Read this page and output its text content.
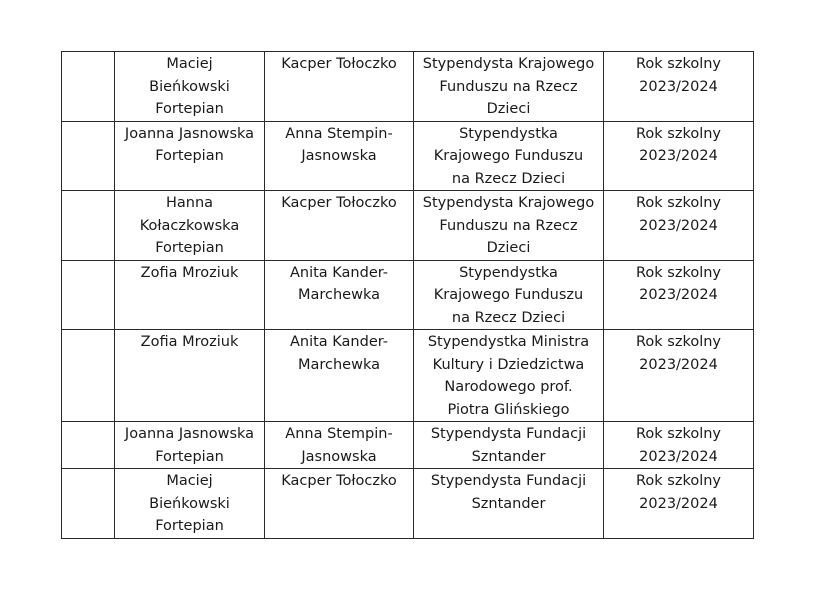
	Maciej
Bieńkowski
Fortepian	Kacper Tołoczko	Stypendysta Krajowego
Funduszu na Rzecz
Dzieci	Rok szkolny
2023/2024
	Joanna Jasnowska
Fortepian	Anna Stempin-
Jasnowska	Stypendystka
Krajowego Funduszu
na Rzecz Dzieci	Rok szkolny
2023/2024
	Hanna
Kołaczkowska
Fortepian	Kacper Tołoczko	Stypendysta Krajowego
Funduszu na Rzecz
Dzieci	Rok szkolny
2023/2024
	Zofia Mroziuk	Anita Kander-
Marchewka	Stypendystka
Krajowego Funduszu
na Rzecz Dzieci	Rok szkolny
2023/2024
	Zofia Mroziuk	Anita Kander-
Marchewka	Stypendystka Ministra
Kultury i Dziedzictwa
Narodowego prof.
Piotra Glińskiego	Rok szkolny
2023/2024
	Joanna Jasnowska
Fortepian	Anna Stempin-
Jasnowska	Stypendysta Fundacji
Szntander	Rok szkolny
2023/2024
	Maciej
Bieńkowski
Fortepian	Kacper Tołoczko	Stypendysta Fundacji
Szntander	Rok szkolny
2023/2024
